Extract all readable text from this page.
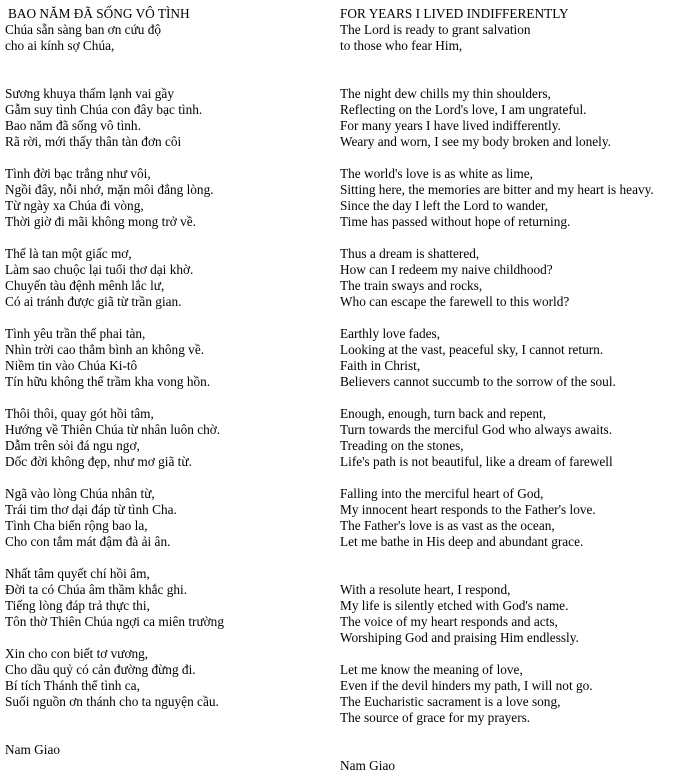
BAO NĂM ĐÃ SỐNG VÔ TÌNH
Chúa sẵn sàng ban ơn cứu độ
cho ai kính sợ Chúa,
Sương khuya thấm lạnh vai gầy
Gẫm suy tình Chúa con đây bạc tình.
Bao năm đã sống vô tình.
Rã rời, mới thấy thân tàn đơn côi
Tình đời bạc trắng như vôi,
Ngồi đây, nỗi nhớ, mặn môi đắng lòng.
Từ ngày xa Chúa đi vòng,
Thời giờ đi mãi không mong trở về.
Thế là tan một giấc mơ,
Làm sao chuộc lại tuổi thơ dại khờ.
Chuyến tàu đệnh mênh lắc lư,
Có ai tránh được giã từ trần gian.
Tình yêu trần thế phai tàn,
Nhìn trời cao thẳm bình an không về.
Niềm tin vào Chúa Ki-tô
Tín hữu không thể trầm kha vong hồn.
Thôi thôi, quay gót hồi tâm,
Hướng về Thiên Chúa từ nhân luôn chờ.
Dẫm trên sỏi đá ngu ngơ,
Dốc đời không đẹp, như mơ giã từ.
Ngã vào lòng Chúa nhân từ,
Trái tim thơ dại đáp từ tình Cha.
Tình Cha biển rộng bao la,
Cho con tắm mát đậm đà ải ân.
Nhất tâm quyết chí hồi âm,
Đời ta có Chúa âm thầm khắc ghi.
Tiếng lòng đáp trả thực thi,
Tôn thờ Thiên Chúa ngợi ca miên trường
Xin cho con biết tơ vương,
Cho dầu quỷ có cản đường đừng đi.
Bí tích Thánh thể tình ca,
Suối nguồn ơn thánh cho ta nguyện cầu.
Nam Giao
FOR YEARS I LIVED INDIFFERENTLY
The Lord is ready to grant salvation
to those who fear Him,
The night dew chills my thin shoulders,
Reflecting on the Lord's love, I am ungrateful.
For many years I have lived indifferently.
Weary and worn, I see my body broken and lonely.
The world's love is as white as lime,
Sitting here, the memories are bitter and my heart is heavy.
Since the day I left the Lord to wander,
Time has passed without hope of returning.
Thus a dream is shattered,
How can I redeem my naive childhood?
The train sways and rocks,
Who can escape the farewell to this world?
Earthly love fades,
Looking at the vast, peaceful sky, I cannot return.
Faith in Christ,
Believers cannot succumb to the sorrow of the soul.
Enough, enough, turn back and repent,
Turn towards the merciful God who always awaits.
Treading on the stones,
Life's path is not beautiful, like a dream of farewell
Falling into the merciful heart of God,
My innocent heart responds to the Father's love.
The Father's love is as vast as the ocean,
Let me bathe in His deep and abundant grace.
With a resolute heart, I respond,
My life is silently etched with God's name.
The voice of my heart responds and acts,
Worshiping God and praising Him endlessly.
Let me know the meaning of love,
Even if the devil hinders my path, I will not go.
The Eucharistic sacrament is a love song,
The source of grace for my prayers.
Nam Giao
